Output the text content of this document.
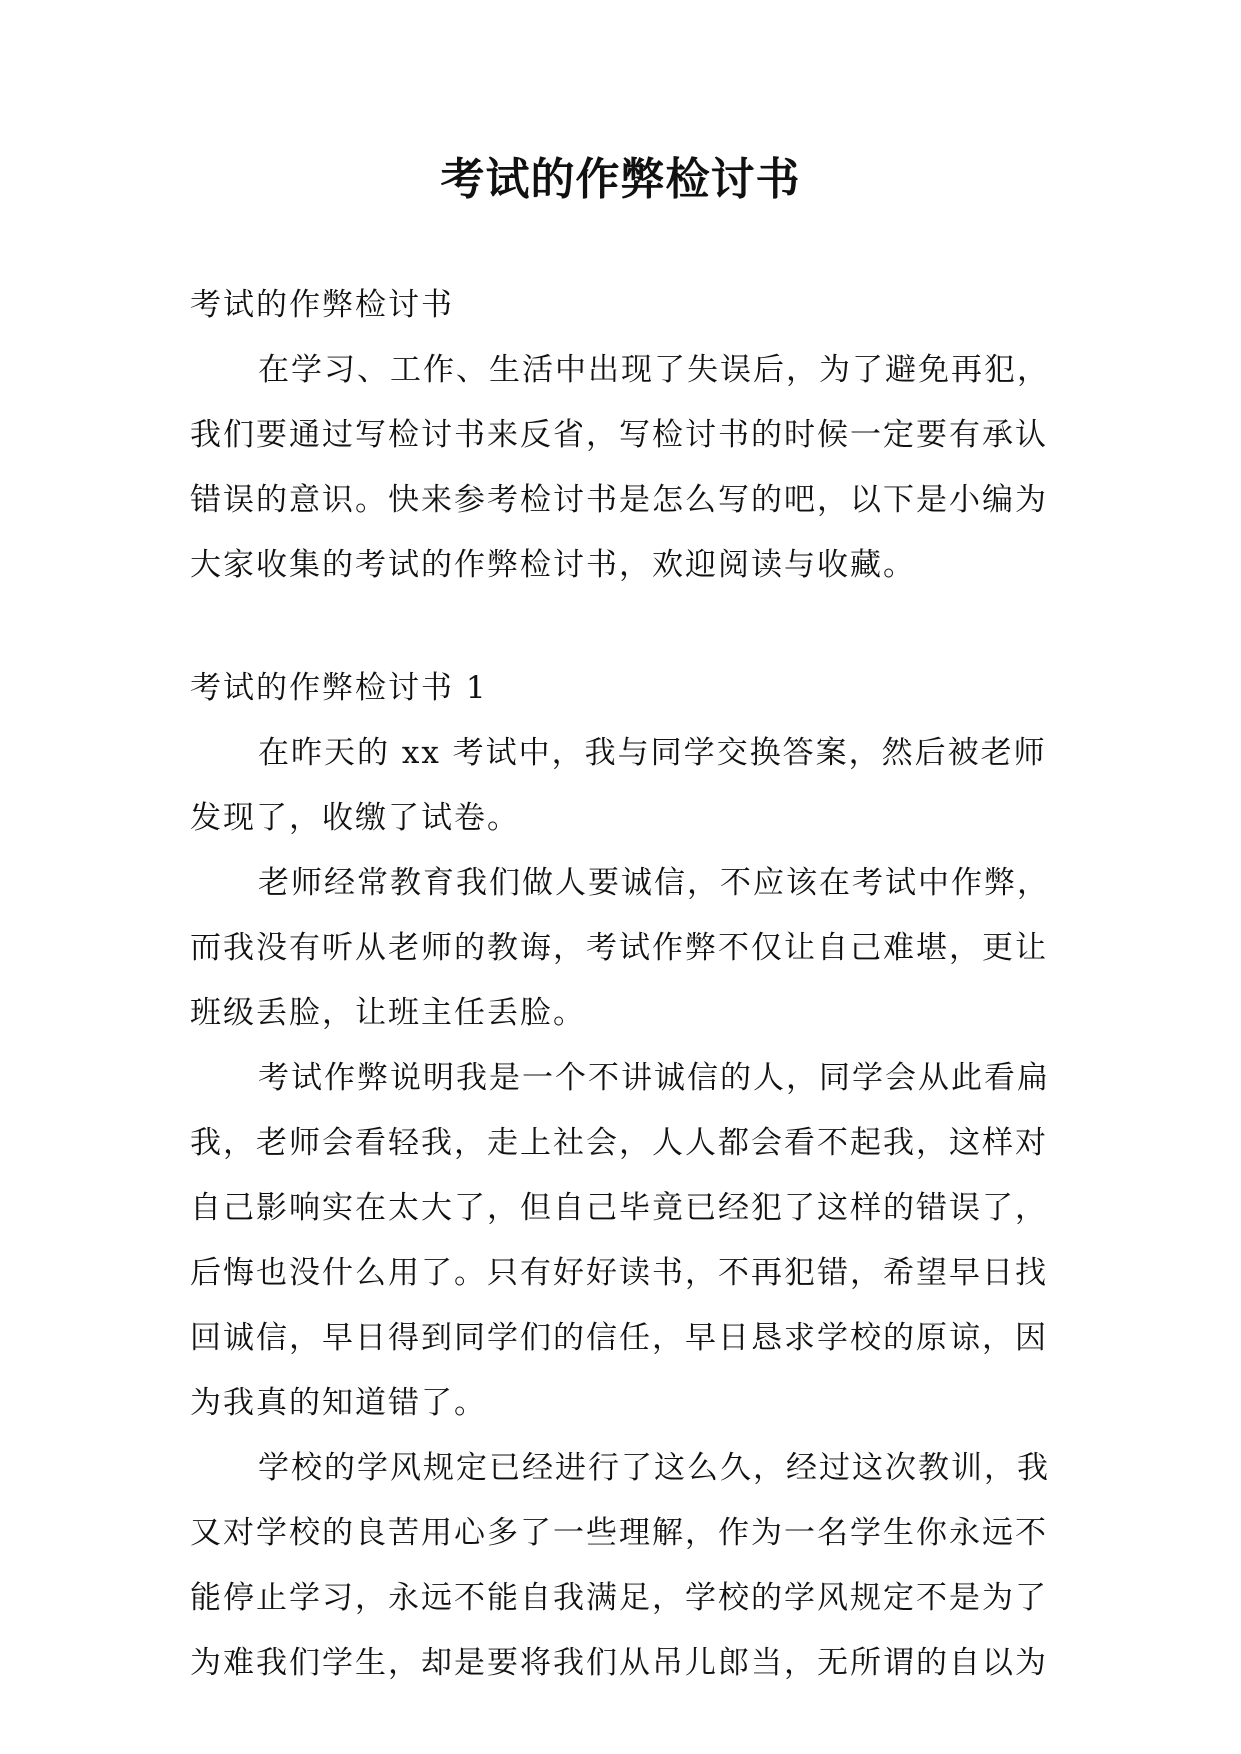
考试的作弊检讨书
考试的作弊检讨书
在学习、工作、生活中出现了失误后，为了避免再犯，
我们要通过写检讨书来反省，写检讨书的时候一定要有承认
错误的意识。快来参考检讨书是怎么写的吧，以下是小编为
大家收集的考试的作弊检讨书，欢迎阅读与收藏。
考试的作弊检讨书 1
在昨天的 xx 考试中，我与同学交换答案，然后被老师
发现了，收缴了试卷。
老师经常教育我们做人要诚信，不应该在考试中作弊，
而我没有听从老师的教诲，考试作弊不仅让自己难堪，更让
班级丢脸，让班主任丢脸。
考试作弊说明我是一个不讲诚信的人，同学会从此看扁
我，老师会看轻我，走上社会，人人都会看不起我，这样对
自己影响实在太大了，但自己毕竟已经犯了这样的错误了，
后悔也没什么用了。只有好好读书，不再犯错，希望早日找
回诚信，早日得到同学们的信任，早日恳求学校的原谅，因
为我真的知道错了。
学校的学风规定已经进行了这么久，经过这次教训，我
又对学校的良苦用心多了一些理解，作为一名学生你永远不
能停止学习，永远不能自我满足，学校的学风规定不是为了
为难我们学生，却是要将我们从吊儿郎当，无所谓的自以为
